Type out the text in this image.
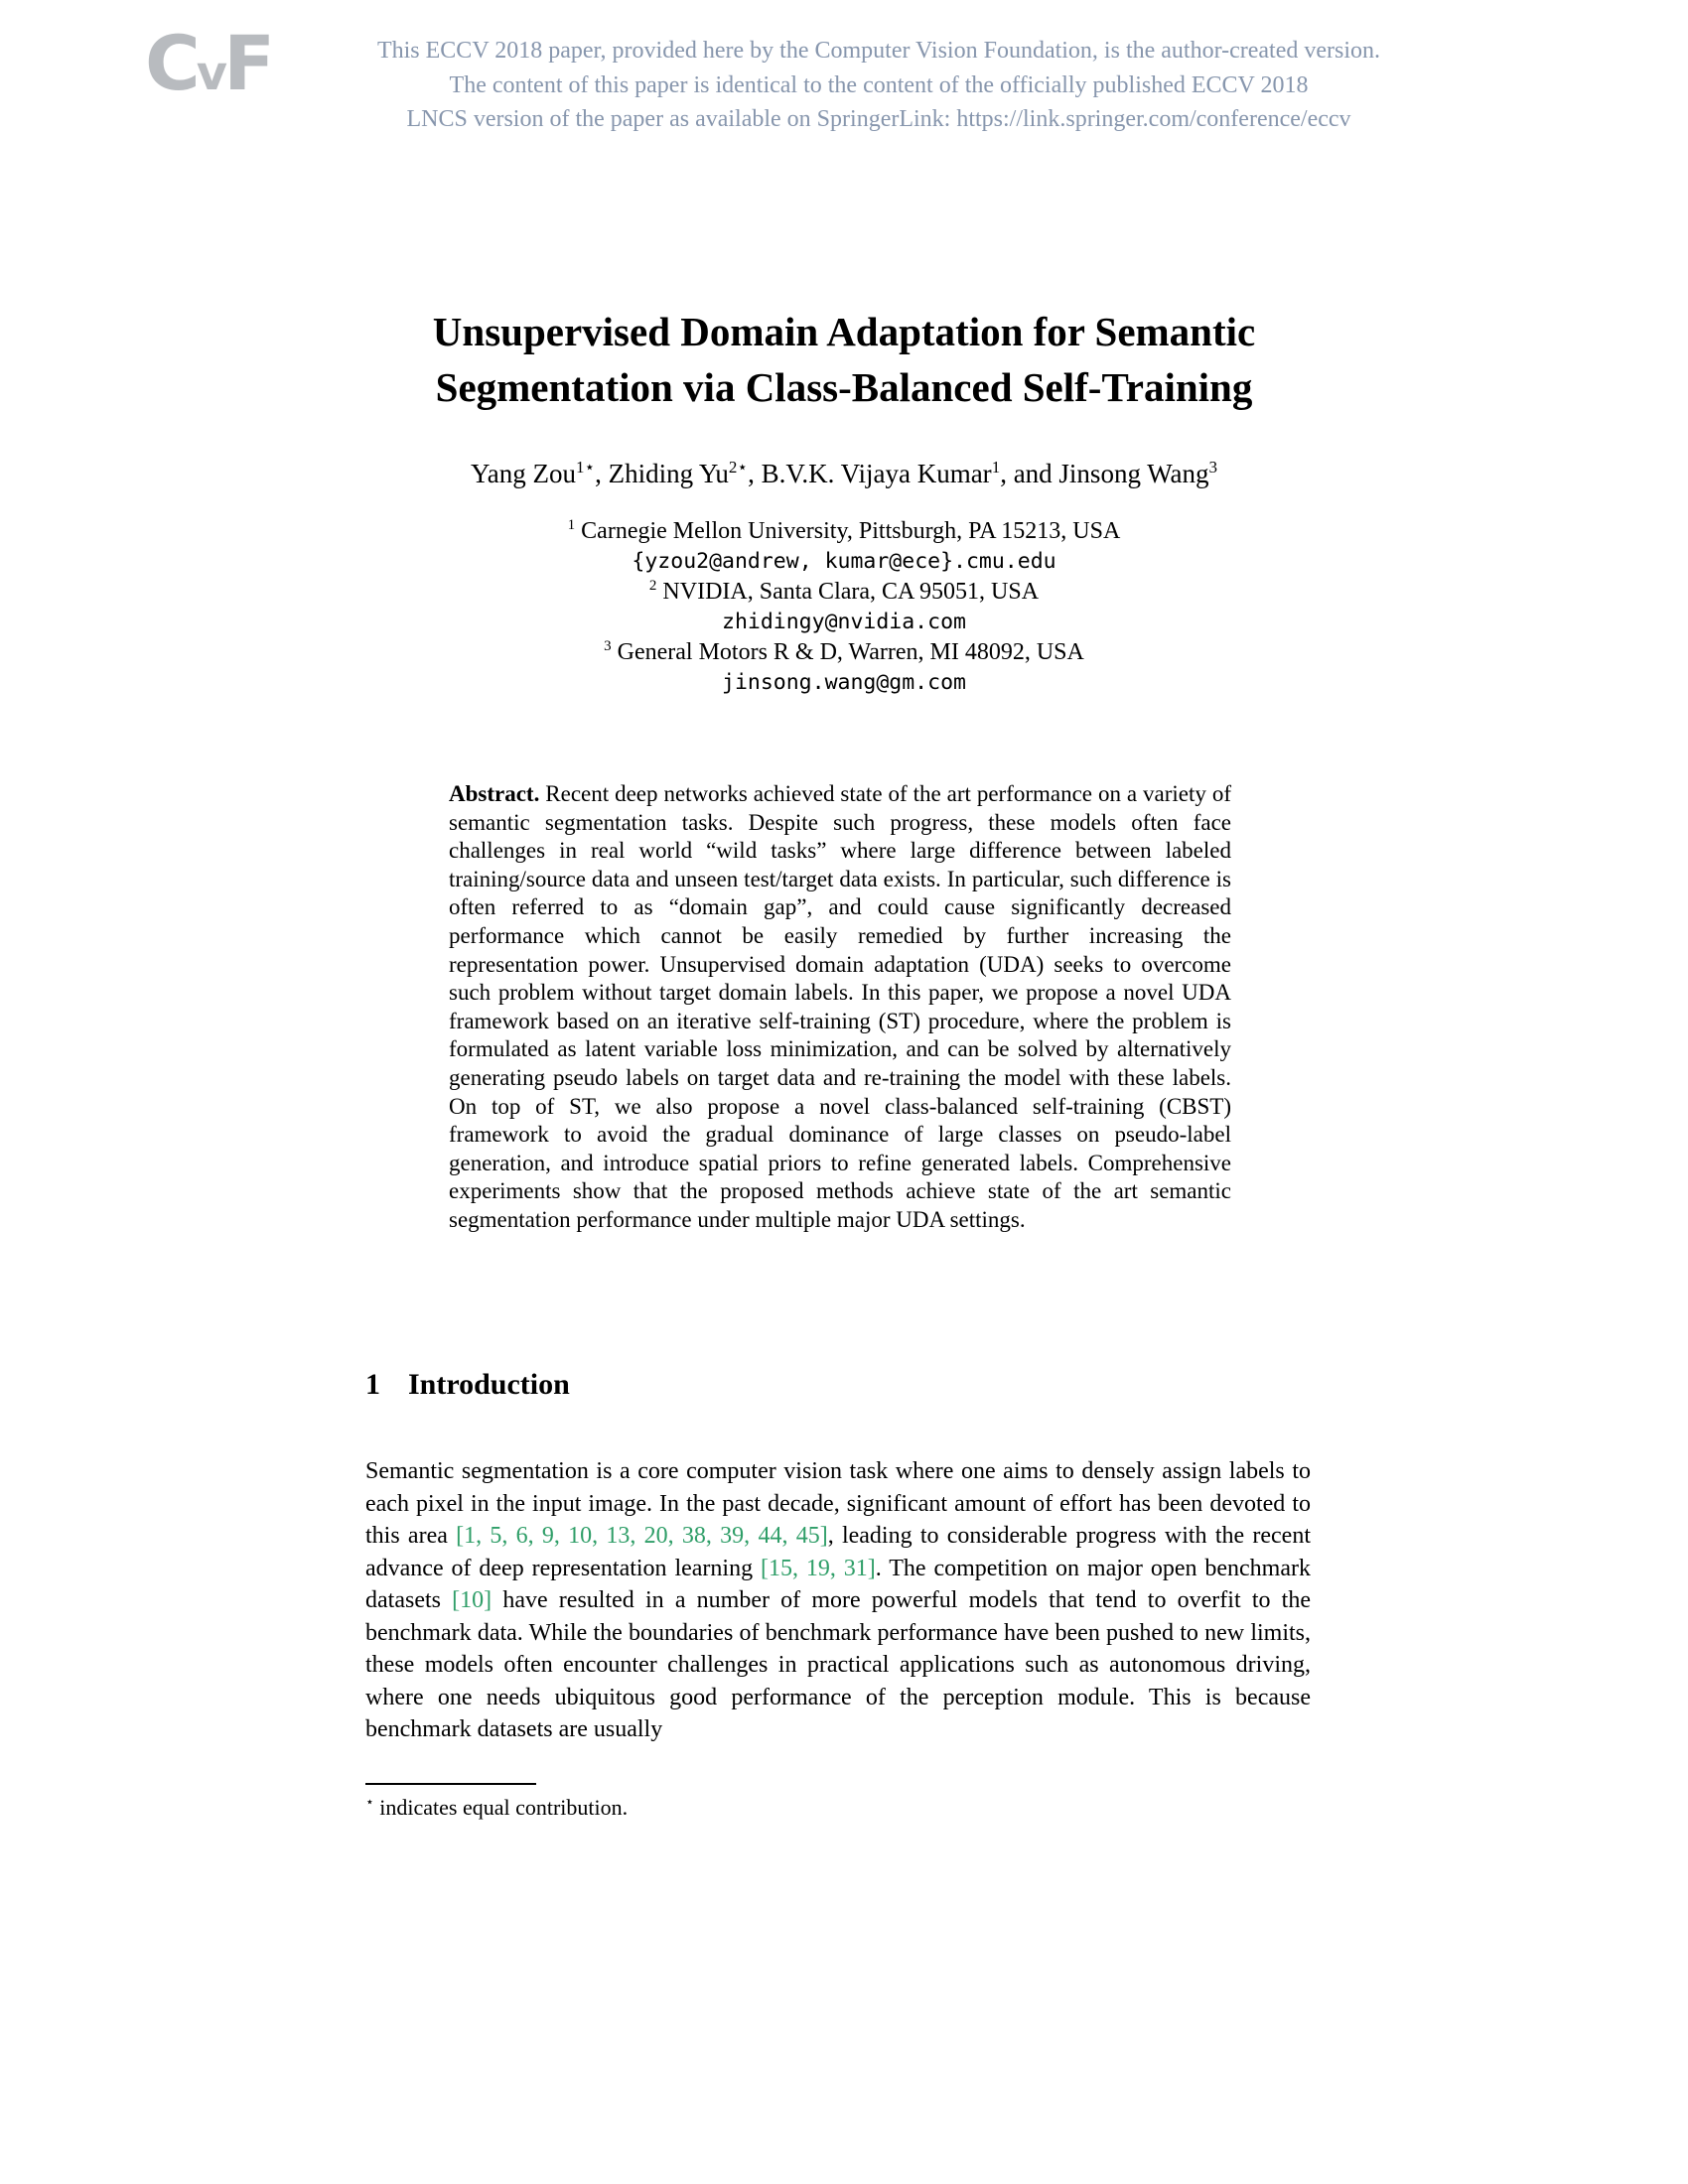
CvF	This ECCV 2018 paper, provided here by the Computer Vision Foundation, is the author-created version.
The content of this paper is identical to the content of the officially published ECCV 2018
LNCS version of the paper as available on SpringerLink: https://link.springer.com/conference/eccv
Unsupervised Domain Adaptation for Semantic
Segmentation via Class-Balanced Self-Training
Yang Zou$^{1⋆}$, Zhiding $Yu^{2⋆}$, B.V.K. Vijaya Kumar$^1$, and Jinsong Wang$^3$
$^1$ Carnegie Mellon University, Pittsburgh, PA 15213, USA
{yzou2@andrew, kumar@ece}.cmu.edu
$^2$ NVIDIA, Santa Clara, CA 95051, USA
zhidingy@nvidia.com
$^3$ General Motors R & D, Warren, MI 48092, USA
jinsong.wang@gm.com
Abstract. Recent deep networks achieved state of the art performance on a variety of semantic segmentation tasks. Despite such progress, these models often face challenges in real world “wild tasks” where large difference between labeled training/source data and unseen test/target data exists. In particular, such difference is often referred to as “domain gap”, and could cause significantly decreased performance which cannot be easily remedied by further increasing the representation power. Unsupervised domain adaptation (UDA) seeks to overcome such problem without target domain labels. In this paper, we propose a novel UDA framework based on an iterative self-training (ST) procedure, where the problem is formulated as latent variable loss minimization, and can be solved by alternatively generating pseudo labels on target data and re-training the model with these labels. On top of ST, we also propose a novel class-balanced self-training (CBST) framework to avoid the gradual dominance of large classes on pseudo-label generation, and introduce spatial priors to refine generated labels. Comprehensive experiments show that the proposed methods achieve state of the art semantic segmentation performance under multiple major UDA settings.
1 Introduction

Semantic segmentation is a core computer vision task where one aims to densely assign labels to each pixel in the input image. In the past decade, significant amount of effort has been devoted to this area [1, 5, 6, 9, 10, 13, 20, 38, 39, 44, 45], leading to considerable progress with the recent advance of deep representation learning [15, 19, 31]. The competition on major open benchmark datasets [10] have resulted in a number of more powerful models that tend to overfit to the benchmark data. While the boundaries of benchmark performance have been pushed to new limits, these models often encounter challenges in practical applications such as autonomous driving, where one needs ubiquitous good performance of the perception module. This is because benchmark datasets are usually

⋆ indicates equal contribution.
